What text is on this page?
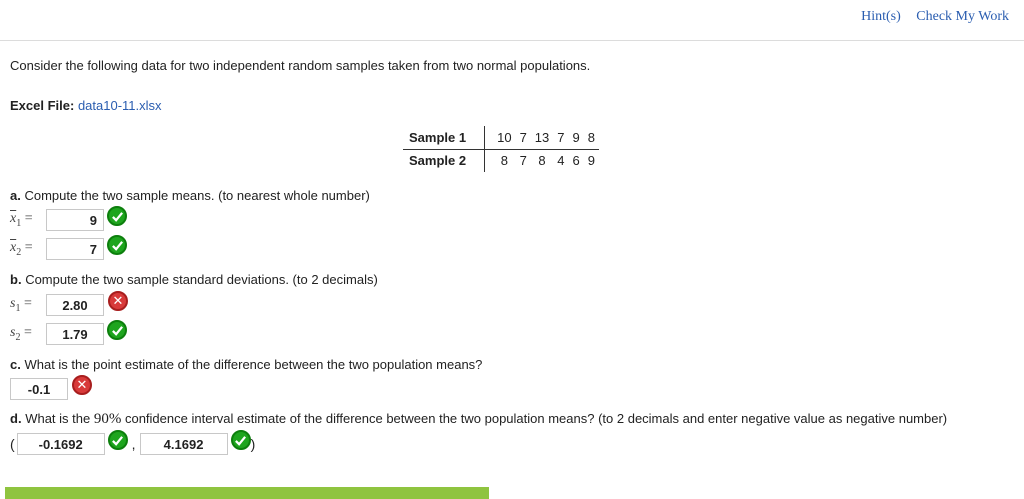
Hint(s) Check My Work
Consider the following data for two independent random samples taken from two normal populations.
Excel File: data10-11.xlsx
Sample 1	10	7	13	7	9	8
Sample 2	8	7	8	4	6	9
a. Compute the two sample means. (to nearest whole number)
$\overline{x}_1$ =	9
$\overline{x}_2$ =	7
b. Compute the two sample standard deviations. (to 2 decimals)
$s_1$ =	2.80	✕
$s_2$ =	1.79
c. What is the point estimate of the difference between the two population means?
-0.1	✕
d. What is the 90% confidence interval estimate of the difference between the two population means? (to 2 decimals and enter negative value as negative number)
(	-0.1692	,	4.1692	)
